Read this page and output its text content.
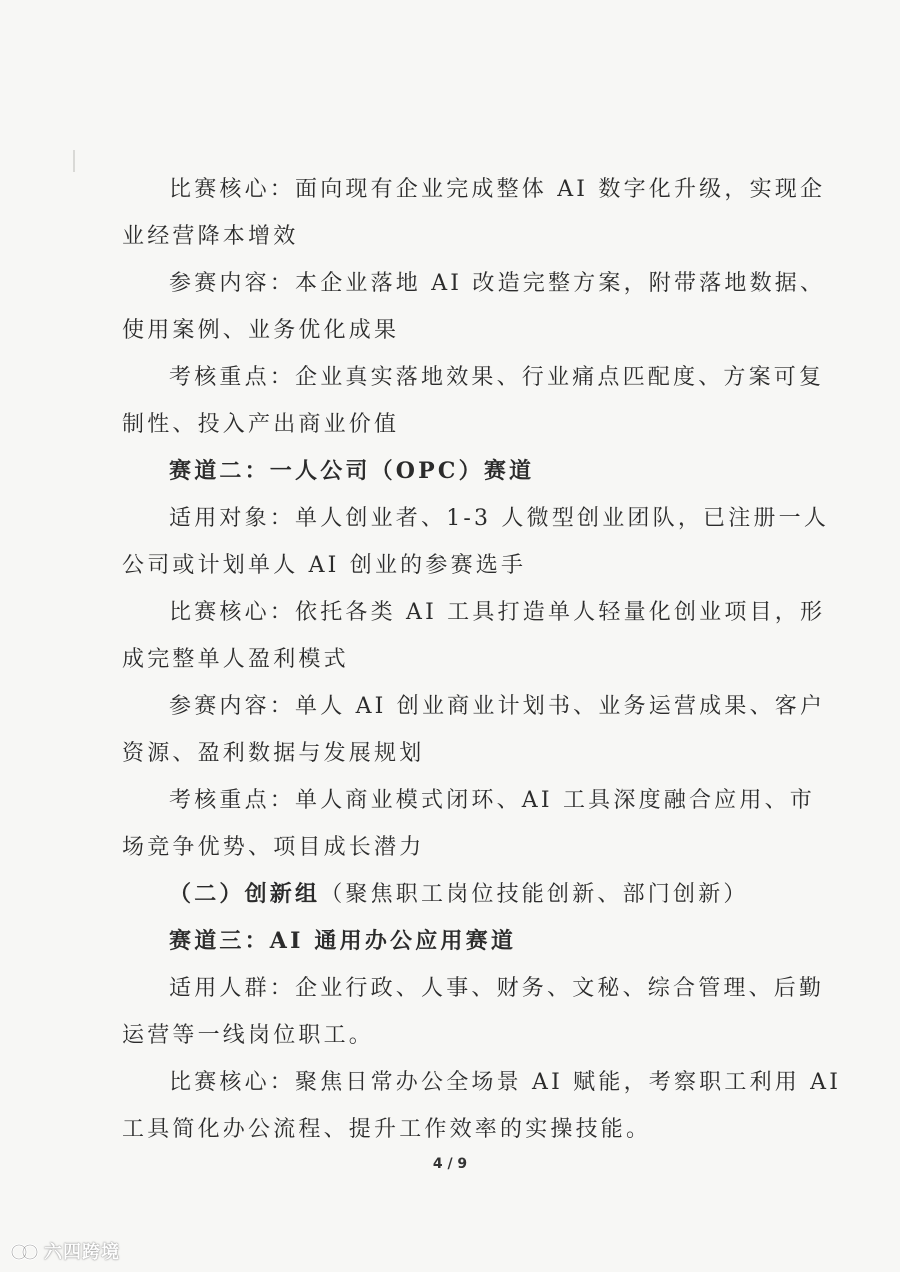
比赛核心：面向现有企业完成整体 AI 数字化升级，实现企
业经营降本增效
参赛内容：本企业落地 AI 改造完整方案，附带落地数据、
使用案例、业务优化成果
考核重点：企业真实落地效果、行业痛点匹配度、方案可复
制性、投入产出商业价值
赛道二：一人公司（OPC）赛道
适用对象：单人创业者、1-3 人微型创业团队，已注册一人
公司或计划单人 AI 创业的参赛选手
比赛核心：依托各类 AI 工具打造单人轻量化创业项目，形
成完整单人盈利模式
参赛内容：单人 AI 创业商业计划书、业务运营成果、客户
资源、盈利数据与发展规划
考核重点：单人商业模式闭环、AI 工具深度融合应用、市
场竞争优势、项目成长潜力
（二）创新组（聚焦职工岗位技能创新、部门创新）
赛道三：AI 通用办公应用赛道
适用人群：企业行政、人事、财务、文秘、综合管理、后勤
运营等一线岗位职工。
比赛核心：聚焦日常办公全场景 AI 赋能，考察职工利用 AI
工具简化办公流程、提升工作效率的实操技能。
4 / 9
六四跨境
